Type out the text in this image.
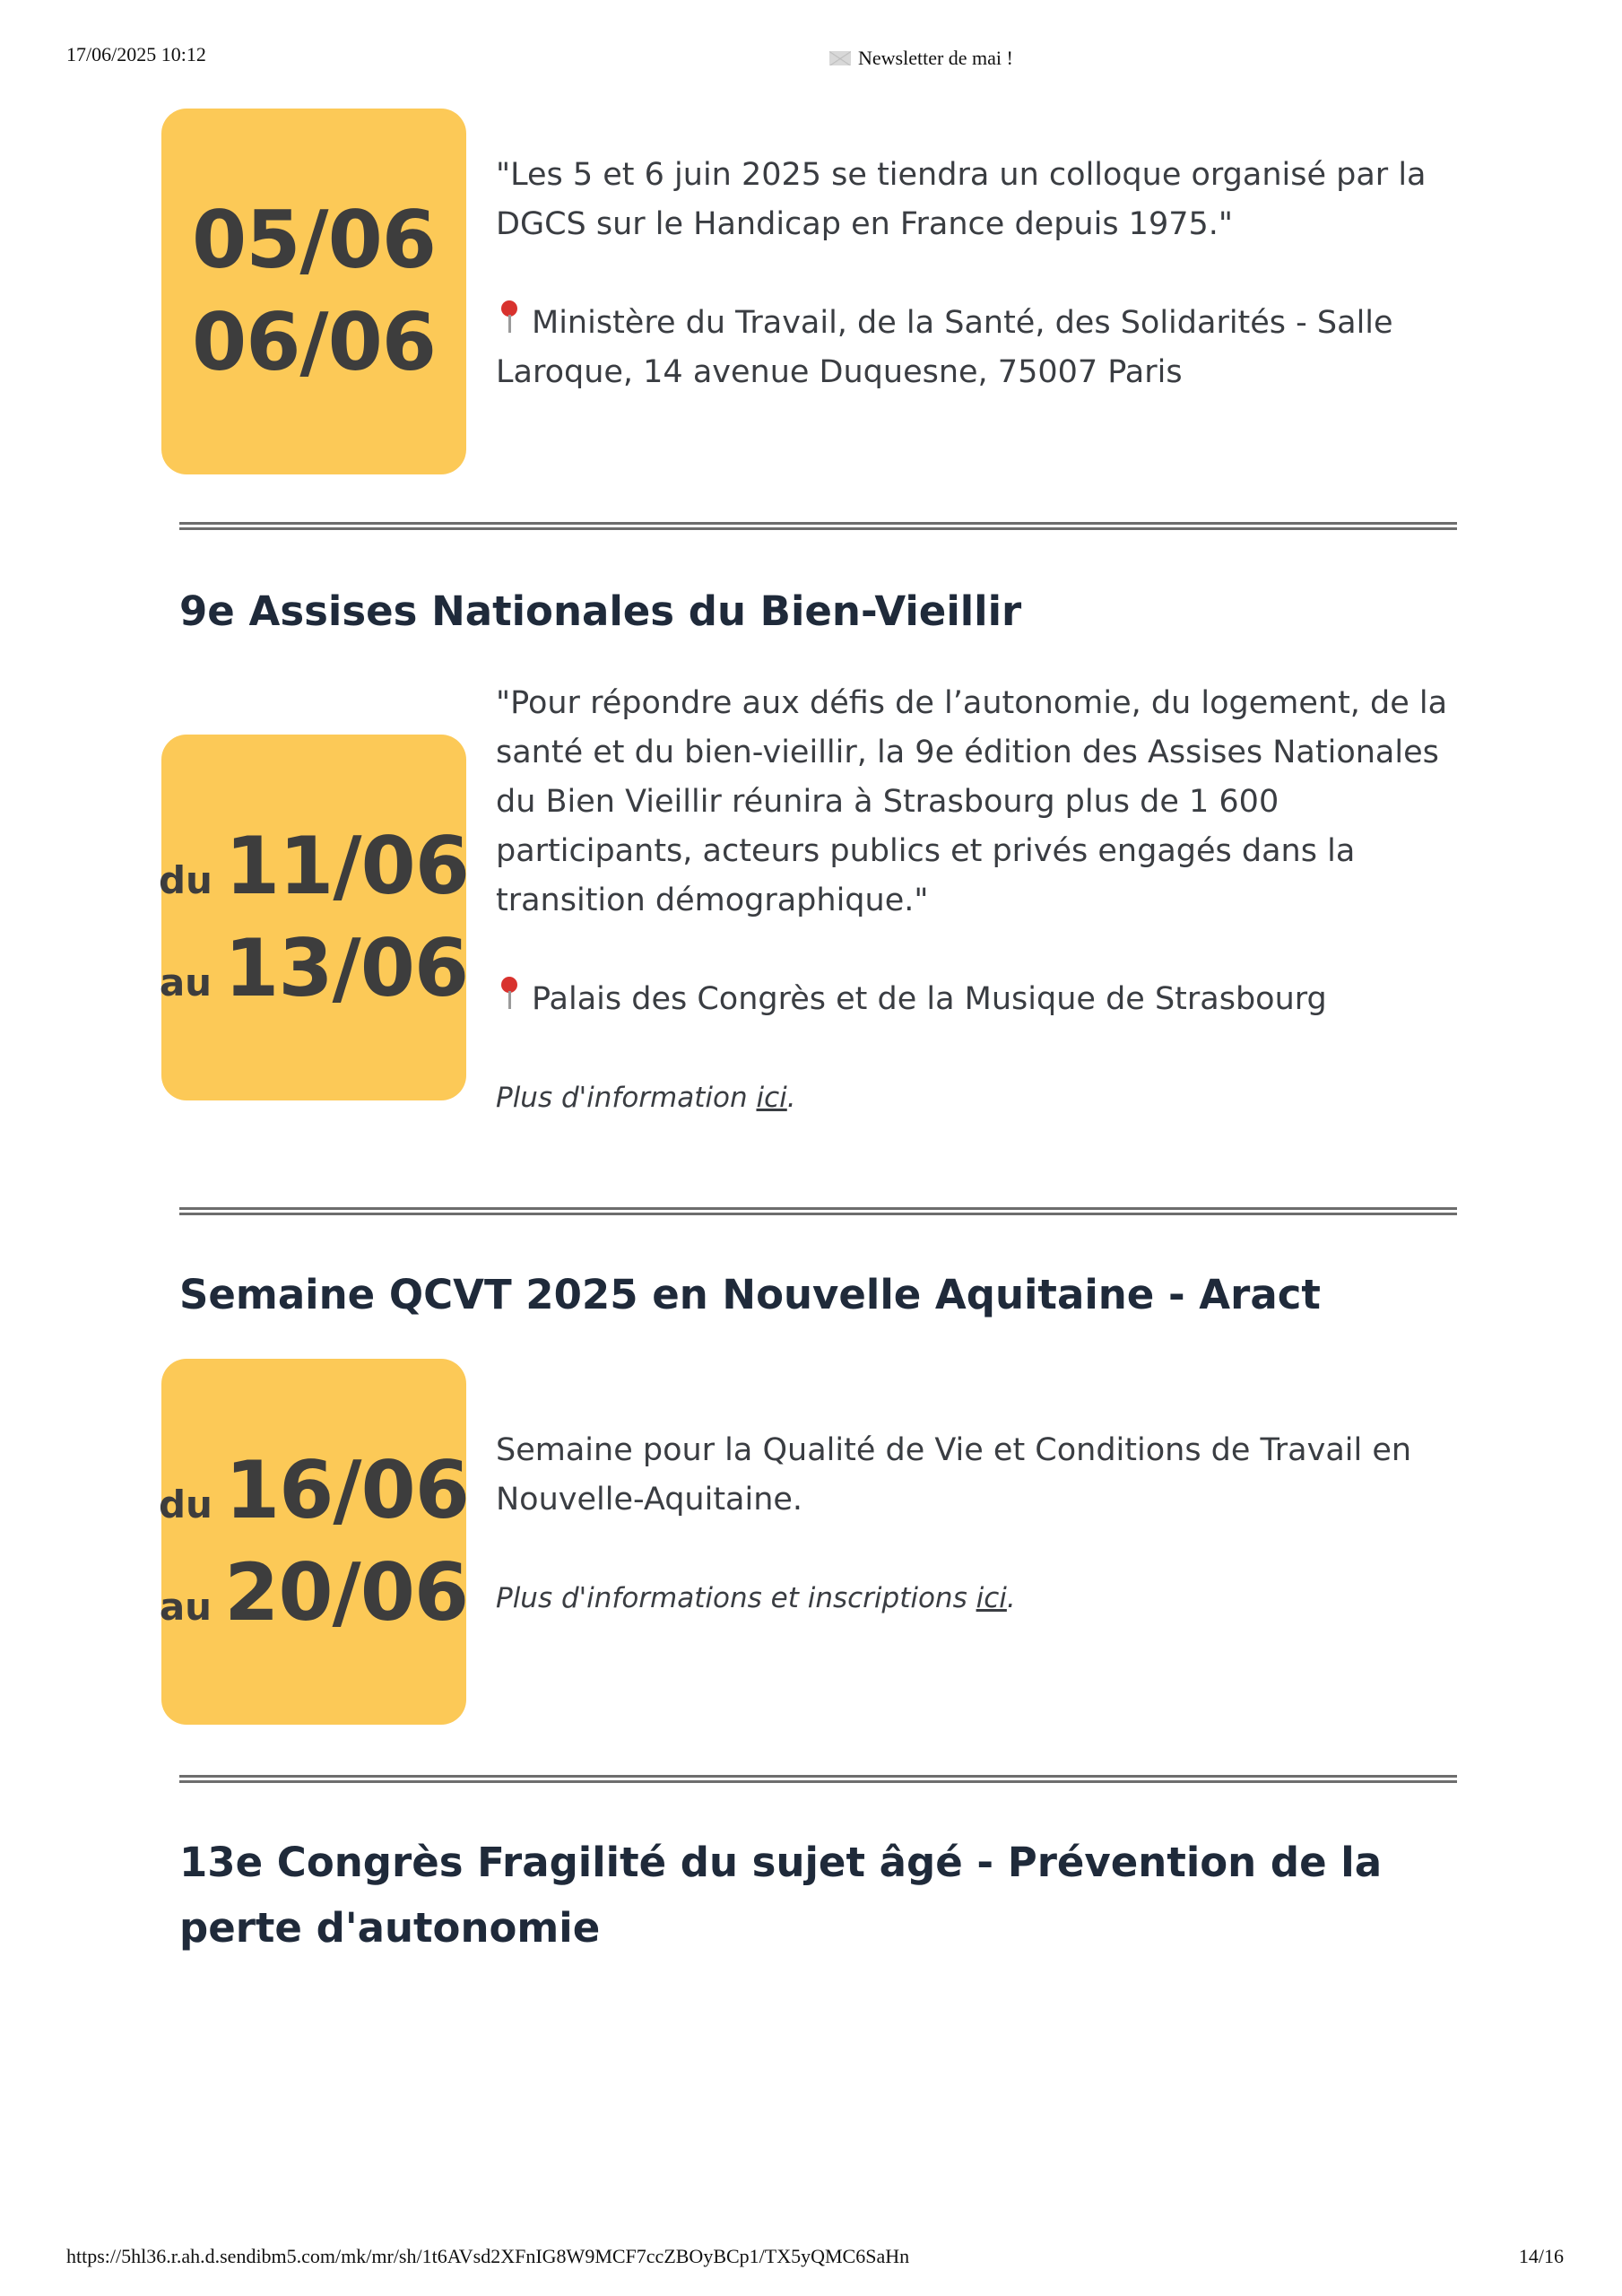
17/06/2025 10:12	Newsletter de mai !
05/06
06/06

"Les 5 et 6 juin 2025 se tiendra un colloque organisé par la DGCS sur le Handicap en France depuis 1975."

Ministère du Travail, de la Santé, des Solidarités - Salle Laroque, 14 avenue Duquesne, 75007 Paris

9e Assises Nationales du Bien-Vieillir
du 11/06
au 13/06

"Pour répondre aux défis de l’autonomie, du logement, de la santé et du bien-vieillir, la 9e édition des Assises Nationales du Bien Vieillir réunira à Strasbourg plus de 1 600 participants, acteurs publics et privés engagés dans la transition démographique."

Palais des Congrès et de la Musique de Strasbourg

Plus d'information ici.

Semaine QCVT 2025 en Nouvelle Aquitaine - Aract
du 16/06
au 20/06

Semaine pour la Qualité de Vie et Conditions de Travail en Nouvelle-Aquitaine.

Plus d'informations et inscriptions ici.

13e Congrès Fragilité du sujet âgé - Prévention de la perte d'autonomie
https://5hl36.r.ah.d.sendibm5.com/mk/mr/sh/1t6AVsd2XFnIG8W9MCF7ccZBOyBCp1/TX5yQMC6SaHn	14/16
